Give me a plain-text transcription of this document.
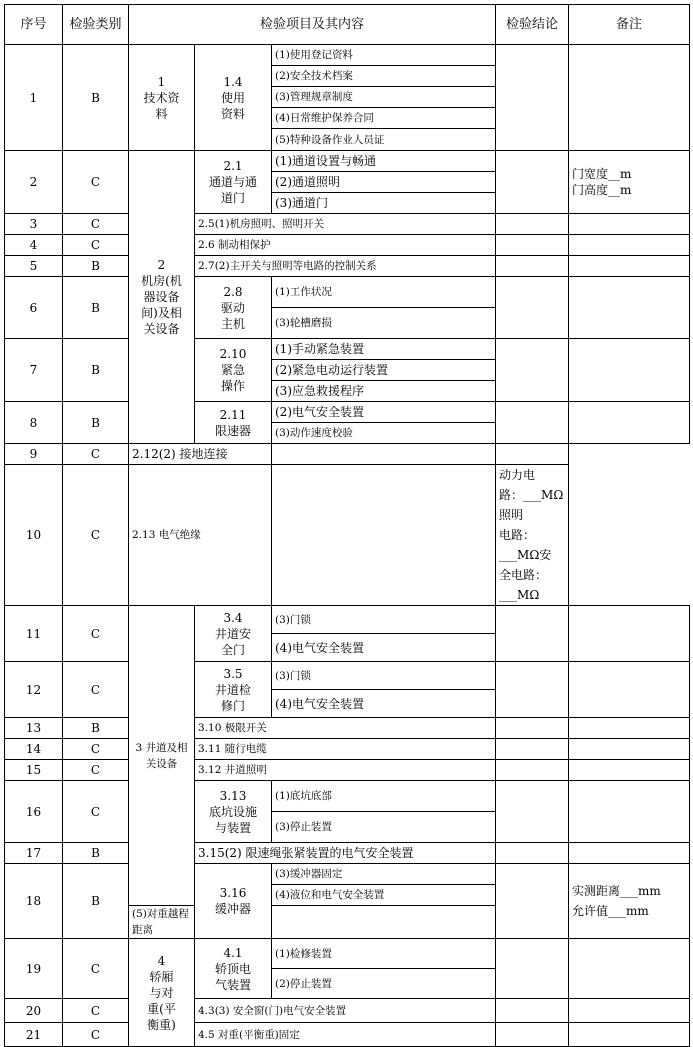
序号	检验类别	检验项目及其内容			检验结论	备注
1	B	1
技术资
料	1.4
使用
资料	(1)使用登记资料		
				(2)安全技术档案		
				(3)管理规章制度		
				(4)日常维护保养合同		
				(5)特种设备作业人员证		
2	C	2
机房(机
器设备
间)及相
关设备	2.1
通道与通
道门	(1)通道设置与畅通		门宽度__m
门高度__m

				(2)通道照明		
				(3)通道门		
3	C		2.5(1)机房照明、照明开关			
4	C		2.6 制动相保护			
5	B		2.7(2)主开关与照明等电路的控制关系			
6	B		2.8
驱动
主机	(1)工作状况		
				(3)轮槽磨损		
7	B		2.10
紧急
操作	(1)手动紧急装置		
				(2)紧急电动运行装置		
				(3)应急救援程序		
8	B		2.11
限速器	(2)电气安全装置		
				(3)动作速度校验		
9	C	2.12(2) 接地连接				
10	C	2.13 电气绝缘			动力电
路：___MΩ照明
电路：___MΩ安
全电路：___MΩ	

11	C	3 井道及相关设备	3.4
井道安
全门	(3)门锁		
				(4)电气安全装置		
12	C		3.5
井道检
修门	(3)门锁		
				(4)电气安全装置		
13	B		3.10 极限开关			
14	C		3.11 随行电缆			
15	C		3.12 井道照明			
16	C		3.13
底坑设施
与装置	(1)底坑底部		
				(3)停止装置		
17	B		3.15(2) 限速绳张紧装置的电气安全装置			
18	B		3.16
缓冲器	(3)缓冲器固定		实测距离___mm
允许值___mm

				(4)液位和电气安全装置		
		(5)对重越程距离				
19	C	4
轿厢
与对
重(平
衡重)	4.1
轿顶电
气装置	(1)检修装置		
				(2)停止装置		
20	C		4.3(3) 安全窗(门)电气安全装置			
21	C		4.5 对重(平衡重)固定			
